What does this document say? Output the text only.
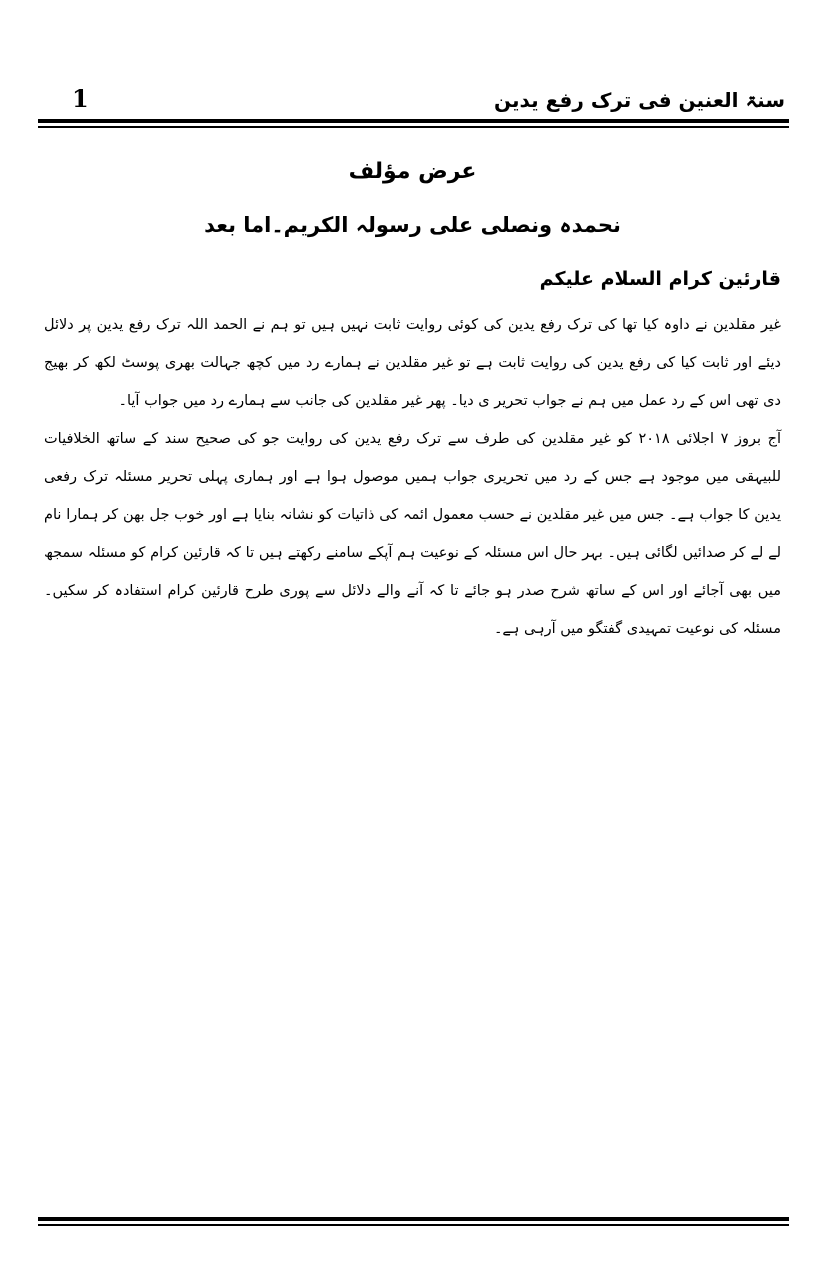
1	سنۃ العنین فی ترک رفع یدین
عرض مؤلف
نحمدہ ونصلی علی رسولہ الکریم۔اما بعد
قارئین کرام السلام علیکم

غیر مقلدین نے داوہ کیا تھا کی ترک رفع یدین کی کوئی روایت ثابت نہیں ہیں تو ہم نے الحمد اللہ ترک رفع یدین پر دلائل دیئے اور ثابت کیا کی رفع یدین کی روایت ثابت ہے تو غیر مقلدین نے ہمارے رد میں کچھ جہالت بھری پوسٹ لکھ کر بھیج دی تھی اس کے رد عمل میں ہم نے جواب تحریر ی دیا۔ پھر غیر مقلدین کی جانب سے ہمارے رد میں جواب آیا۔

آج بروز ۷ اجلائی ۲۰۱۸ کو غیر مقلدین کی طرف سے ترک رفع یدین کی روایت جو کی صحیح سند کے ساتھ الخلافیات للبیہقی میں موجود ہے جس کے رد میں تحریری جواب ہمیں موصول ہوا ہے اور ہماری پہلی تحریر مسئلہ ترک رفعی یدین کا جواب ہے۔ جس میں غیر مقلدین نے حسب معمول ائمہ کی ذاتیات کو نشانہ بنایا ہے اور خوب جل بھن کر ہمارا نام لے لے کر صدائیں لگائی ہیں۔ بہر حال اس مسئلہ کے نوعیت ہم آپکے سامنے رکھتے ہیں تا کہ قارئین کرام کو مسئلہ سمجھ میں بھی آجائے اور اس کے ساتھ شرح صدر ہو جائے تا کہ آنے والے دلائل سے پوری طرح قارئین کرام استفادہ کر سکیں۔ مسئلہ کی نوعیت تمہیدی گفتگو میں آرہی ہے۔
